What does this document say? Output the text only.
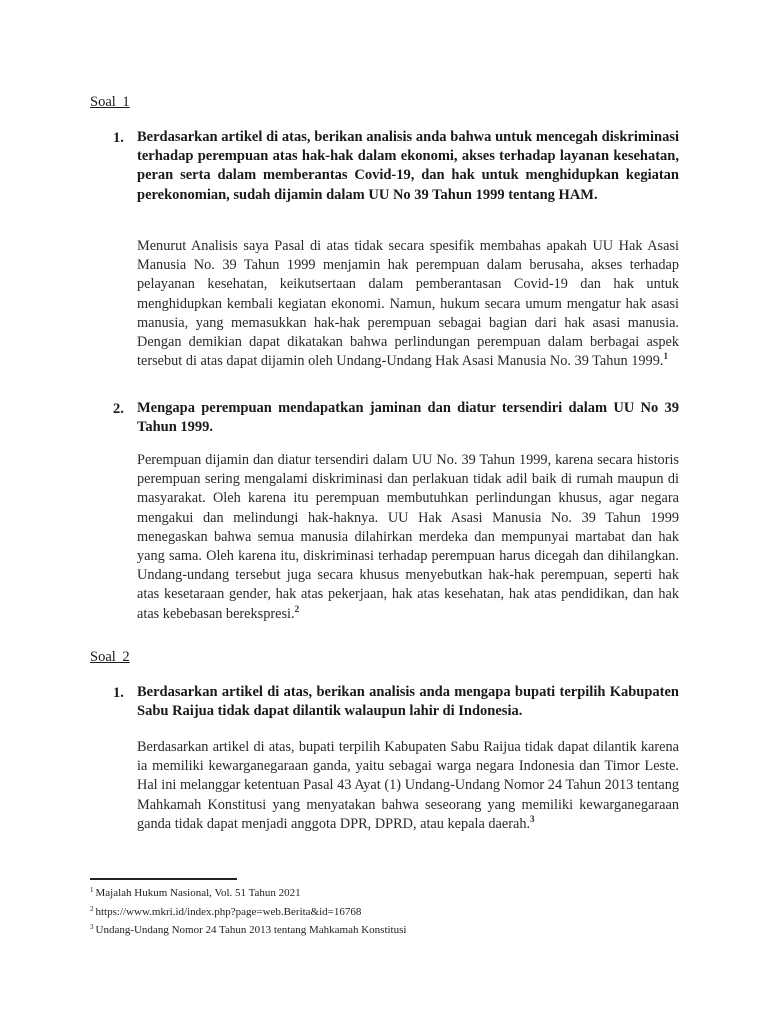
Soal 1
1. Berdasarkan artikel di atas, berikan analisis anda bahwa untuk mencegah diskriminasi terhadap perempuan atas hak-hak dalam ekonomi, akses terhadap layanan kesehatan, peran serta dalam memberantas Covid-19, dan hak untuk menghidupkan kegiatan perekonomian, sudah dijamin dalam UU No 39 Tahun 1999 tentang HAM.

Menurut Analisis saya Pasal di atas tidak secara spesifik membahas apakah UU Hak Asasi Manusia No. 39 Tahun 1999 menjamin hak perempuan dalam berusaha, akses terhadap pelayanan kesehatan, keikutsertaan dalam pemberantasan Covid-19 dan hak untuk menghidupkan kembali kegiatan ekonomi. Namun, hukum secara umum mengatur hak asasi manusia, yang memasukkan hak-hak perempuan sebagai bagian dari hak asasi manusia. Dengan demikian dapat dikatakan bahwa perlindungan perempuan dalam berbagai aspek tersebut di atas dapat dijamin oleh Undang-Undang Hak Asasi Manusia No. 39 Tahun 1999.$^1$

2. Mengapa perempuan mendapatkan jaminan dan diatur tersendiri dalam UU No 39 Tahun 1999.

Perempuan dijamin dan diatur tersendiri dalam UU No. 39 Tahun 1999, karena secara historis perempuan sering mengalami diskriminasi dan perlakuan tidak adil baik di rumah maupun di masyarakat. Oleh karena itu perempuan membutuhkan perlindungan khusus, agar negara mengakui dan melindungi hak-haknya. UU Hak Asasi Manusia No. 39 Tahun 1999 menegaskan bahwa semua manusia dilahirkan merdeka dan mempunyai martabat dan hak yang sama. Oleh karena itu, diskriminasi terhadap perempuan harus dicegah dan dihilangkan. Undang-undang tersebut juga secara khusus menyebutkan hak-hak perempuan, seperti hak atas kesetaraan gender, hak atas pekerjaan, hak atas kesehatan, hak atas pendidikan, dan hak atas kebebasan berekspresi.$^2$

Soal 2
1. Berdasarkan artikel di atas, berikan analisis anda mengapa bupati terpilih Kabupaten Sabu Raijua tidak dapat dilantik walaupun lahir di Indonesia.

Berdasarkan artikel di atas, bupati terpilih Kabupaten Sabu Raijua tidak dapat dilantik karena ia memiliki kewarganegaraan ganda, yaitu sebagai warga negara Indonesia dan Timor Leste. Hal ini melanggar ketentuan Pasal 43 Ayat (1) Undang-Undang Nomor 24 Tahun 2013 tentang Mahkamah Konstitusi yang menyatakan bahwa seseorang yang memiliki kewarganegaraan ganda tidak dapat menjadi anggota DPR, DPRD, atau kepala daerah.$^3$

$^1$ Majalah Hukum Nasional, Vol. 51 Tahun 2021
$^2$ https://www.mkri.id/index.php?page=web.Berita&id=16768
$^3$ Undang-Undang Nomor 24 Tahun 2013 tentang Mahkamah Konstitusi
